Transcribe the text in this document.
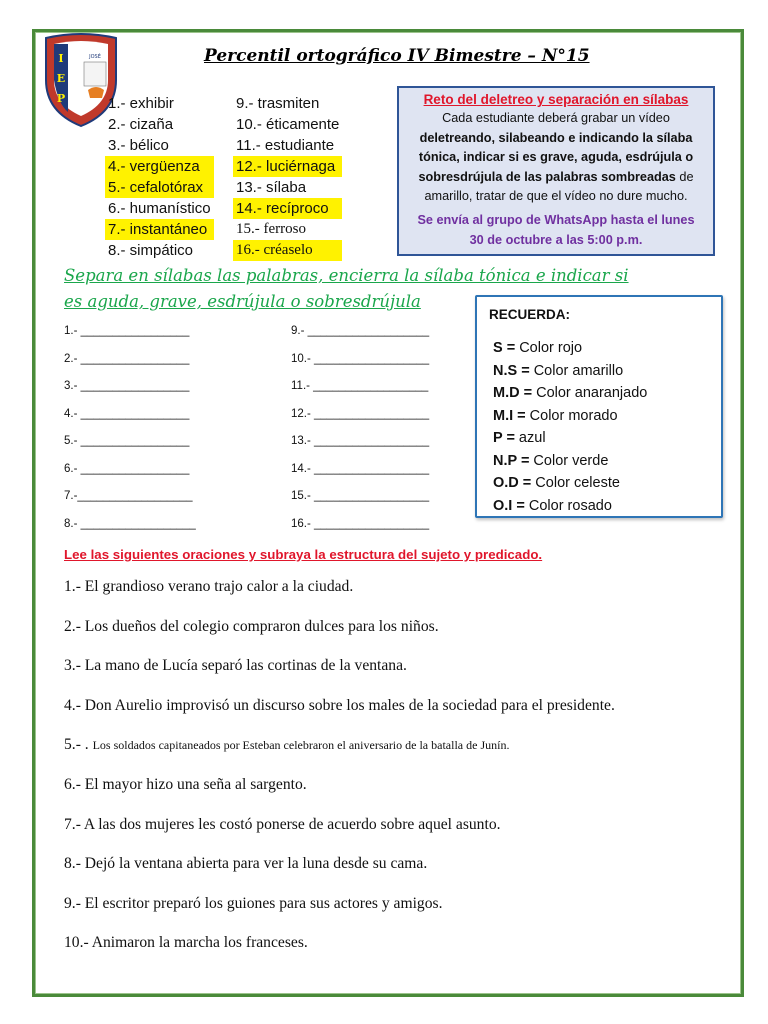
I
E
P
JOSÉ	Percentil ortográfico IV Bimestre – N°15
1.- exhibir
2.- cizaña
3.- bélico
4.- vergüenza
5.- cefalotórax
6.- humanístico
7.- instantáneo
8.- simpático
9.- trasmiten
10.- éticamente
11.- estudiante
12.- luciérnaga
13.- sílaba
14.- recíproco
15.- ferroso
16.- créaselo
Reto del deletreo y separación en sílabas
Cada estudiante deberá grabar un vídeo
deletreando, silabeando e indicando la sílaba
tónica, indicar si es grave, aguda, esdrújula o
sobresdrújula de las palabras sombreadas de
amarillo, tratar de que el vídeo no dure mucho.
Se envía al grupo de WhatsApp hasta el lunes
30 de octubre a las 5:00 p.m.
Separa en sílabas las palabras, encierra la sílaba tónica e indicar si
es aguda, grave, esdrújula o sobresdrújula
1.- _________________
2.- _________________
3.- _________________
4.- _________________
5.- _________________
6.- _________________
7.-__________________
8.- __________________
9.- ___________________
10.- __________________
11.- __________________
12.- __________________
13.- __________________
14.- __________________
15.- __________________
16.- __________________
RECUERDA:
S = Color rojo
N.S = Color amarillo
M.D = Color anaranjado
M.I = Color morado
P = azul
N.P = Color verde
O.D = Color celeste
O.I = Color rosado
Lee las siguientes oraciones y subraya la estructura del sujeto y predicado.
1.- El grandioso verano trajo calor a la ciudad.
2.- Los dueños del colegio compraron dulces para los niños.
3.- La mano de Lucía separó las cortinas de la ventana.
4.- Don Aurelio improvisó un discurso sobre los males de la sociedad para el presidente.
5.- . Los soldados capitaneados por Esteban celebraron el aniversario de la batalla de Junín.
6.- El mayor hizo una seña al sargento.
7.- A las dos mujeres les costó ponerse de acuerdo sobre aquel asunto.
8.- Dejó la ventana abierta para ver la luna desde su cama.
9.- El escritor preparó los guiones para sus actores y amigos.
10.- Animaron la marcha los franceses.
